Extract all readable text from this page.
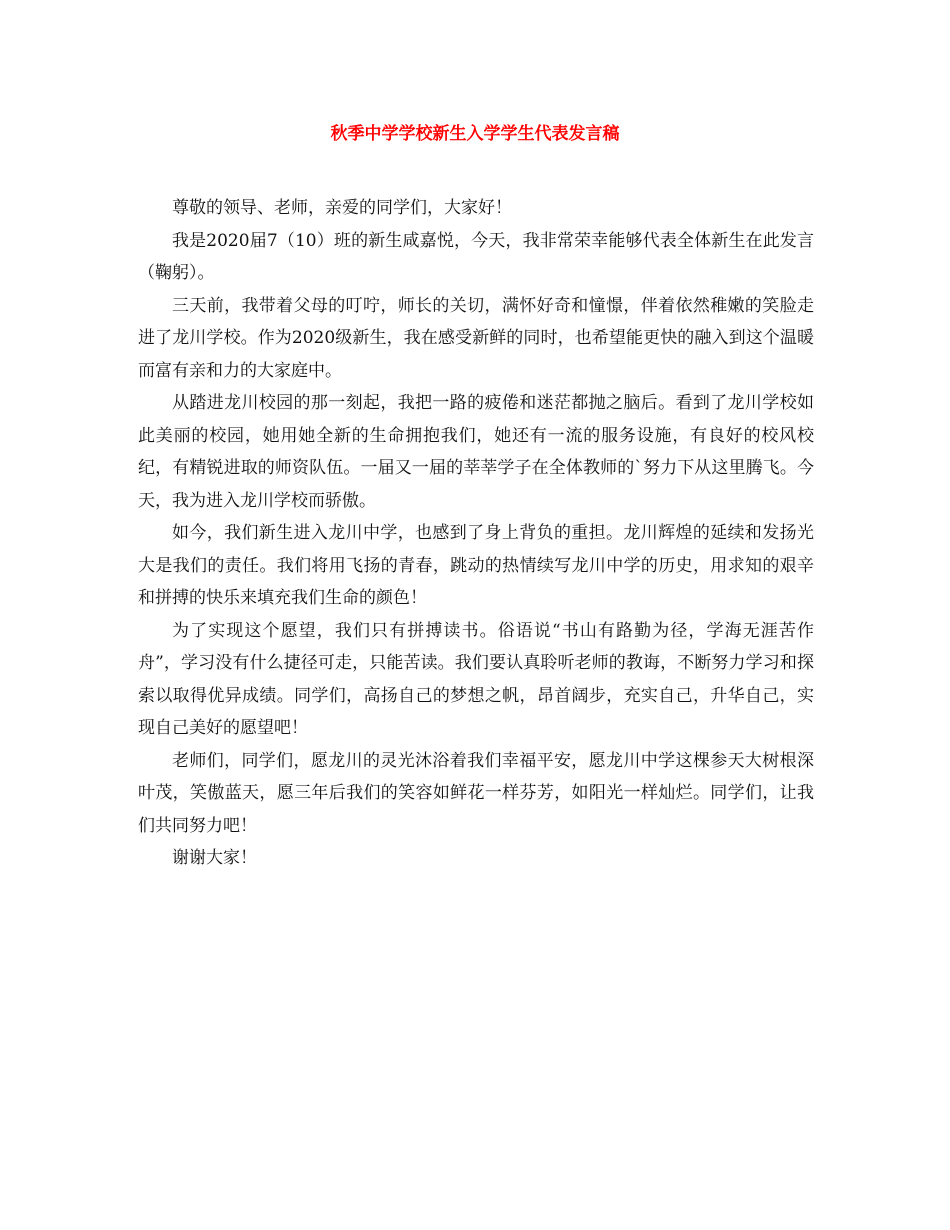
秋季中学学校新生入学学生代表发言稿

尊敬的领导、老师，亲爱的同学们，大家好！

我是2020届7（10）班的新生咸嘉悦，今天，我非常荣幸能够代表全体新生在此发言（鞠躬）。

三天前，我带着父母的叮咛，师长的关切，满怀好奇和憧憬，伴着依然稚嫩的笑脸走进了龙川学校。作为2020级新生，我在感受新鲜的同时，也希望能更快的融入到这个温暖而富有亲和力的大家庭中。

从踏进龙川校园的那一刻起，我把一路的疲倦和迷茫都抛之脑后。看到了龙川学校如此美丽的校园，她用她全新的生命拥抱我们，她还有一流的服务设施，有良好的校风校纪，有精锐进取的师资队伍。一届又一届的莘莘学子在全体教师的`努力下从这里腾飞。今天，我为进入龙川学校而骄傲。

如今，我们新生进入龙川中学，也感到了身上背负的重担。龙川辉煌的延续和发扬光大是我们的责任。我们将用飞扬的青春，跳动的热情续写龙川中学的历史，用求知的艰辛和拼搏的快乐来填充我们生命的颜色！

为了实现这个愿望，我们只有拼搏读书。俗语说“书山有路勤为径，学海无涯苦作舟”，学习没有什么捷径可走，只能苦读。我们要认真聆听老师的教诲，不断努力学习和探索以取得优异成绩。同学们，高扬自己的梦想之帆，昂首阔步，充实自己，升华自己，实现自己美好的愿望吧！

老师们，同学们，愿龙川的灵光沐浴着我们幸福平安，愿龙川中学这棵参天大树根深叶茂，笑傲蓝天，愿三年后我们的笑容如鲜花一样芬芳，如阳光一样灿烂。同学们，让我们共同努力吧！

谢谢大家！
